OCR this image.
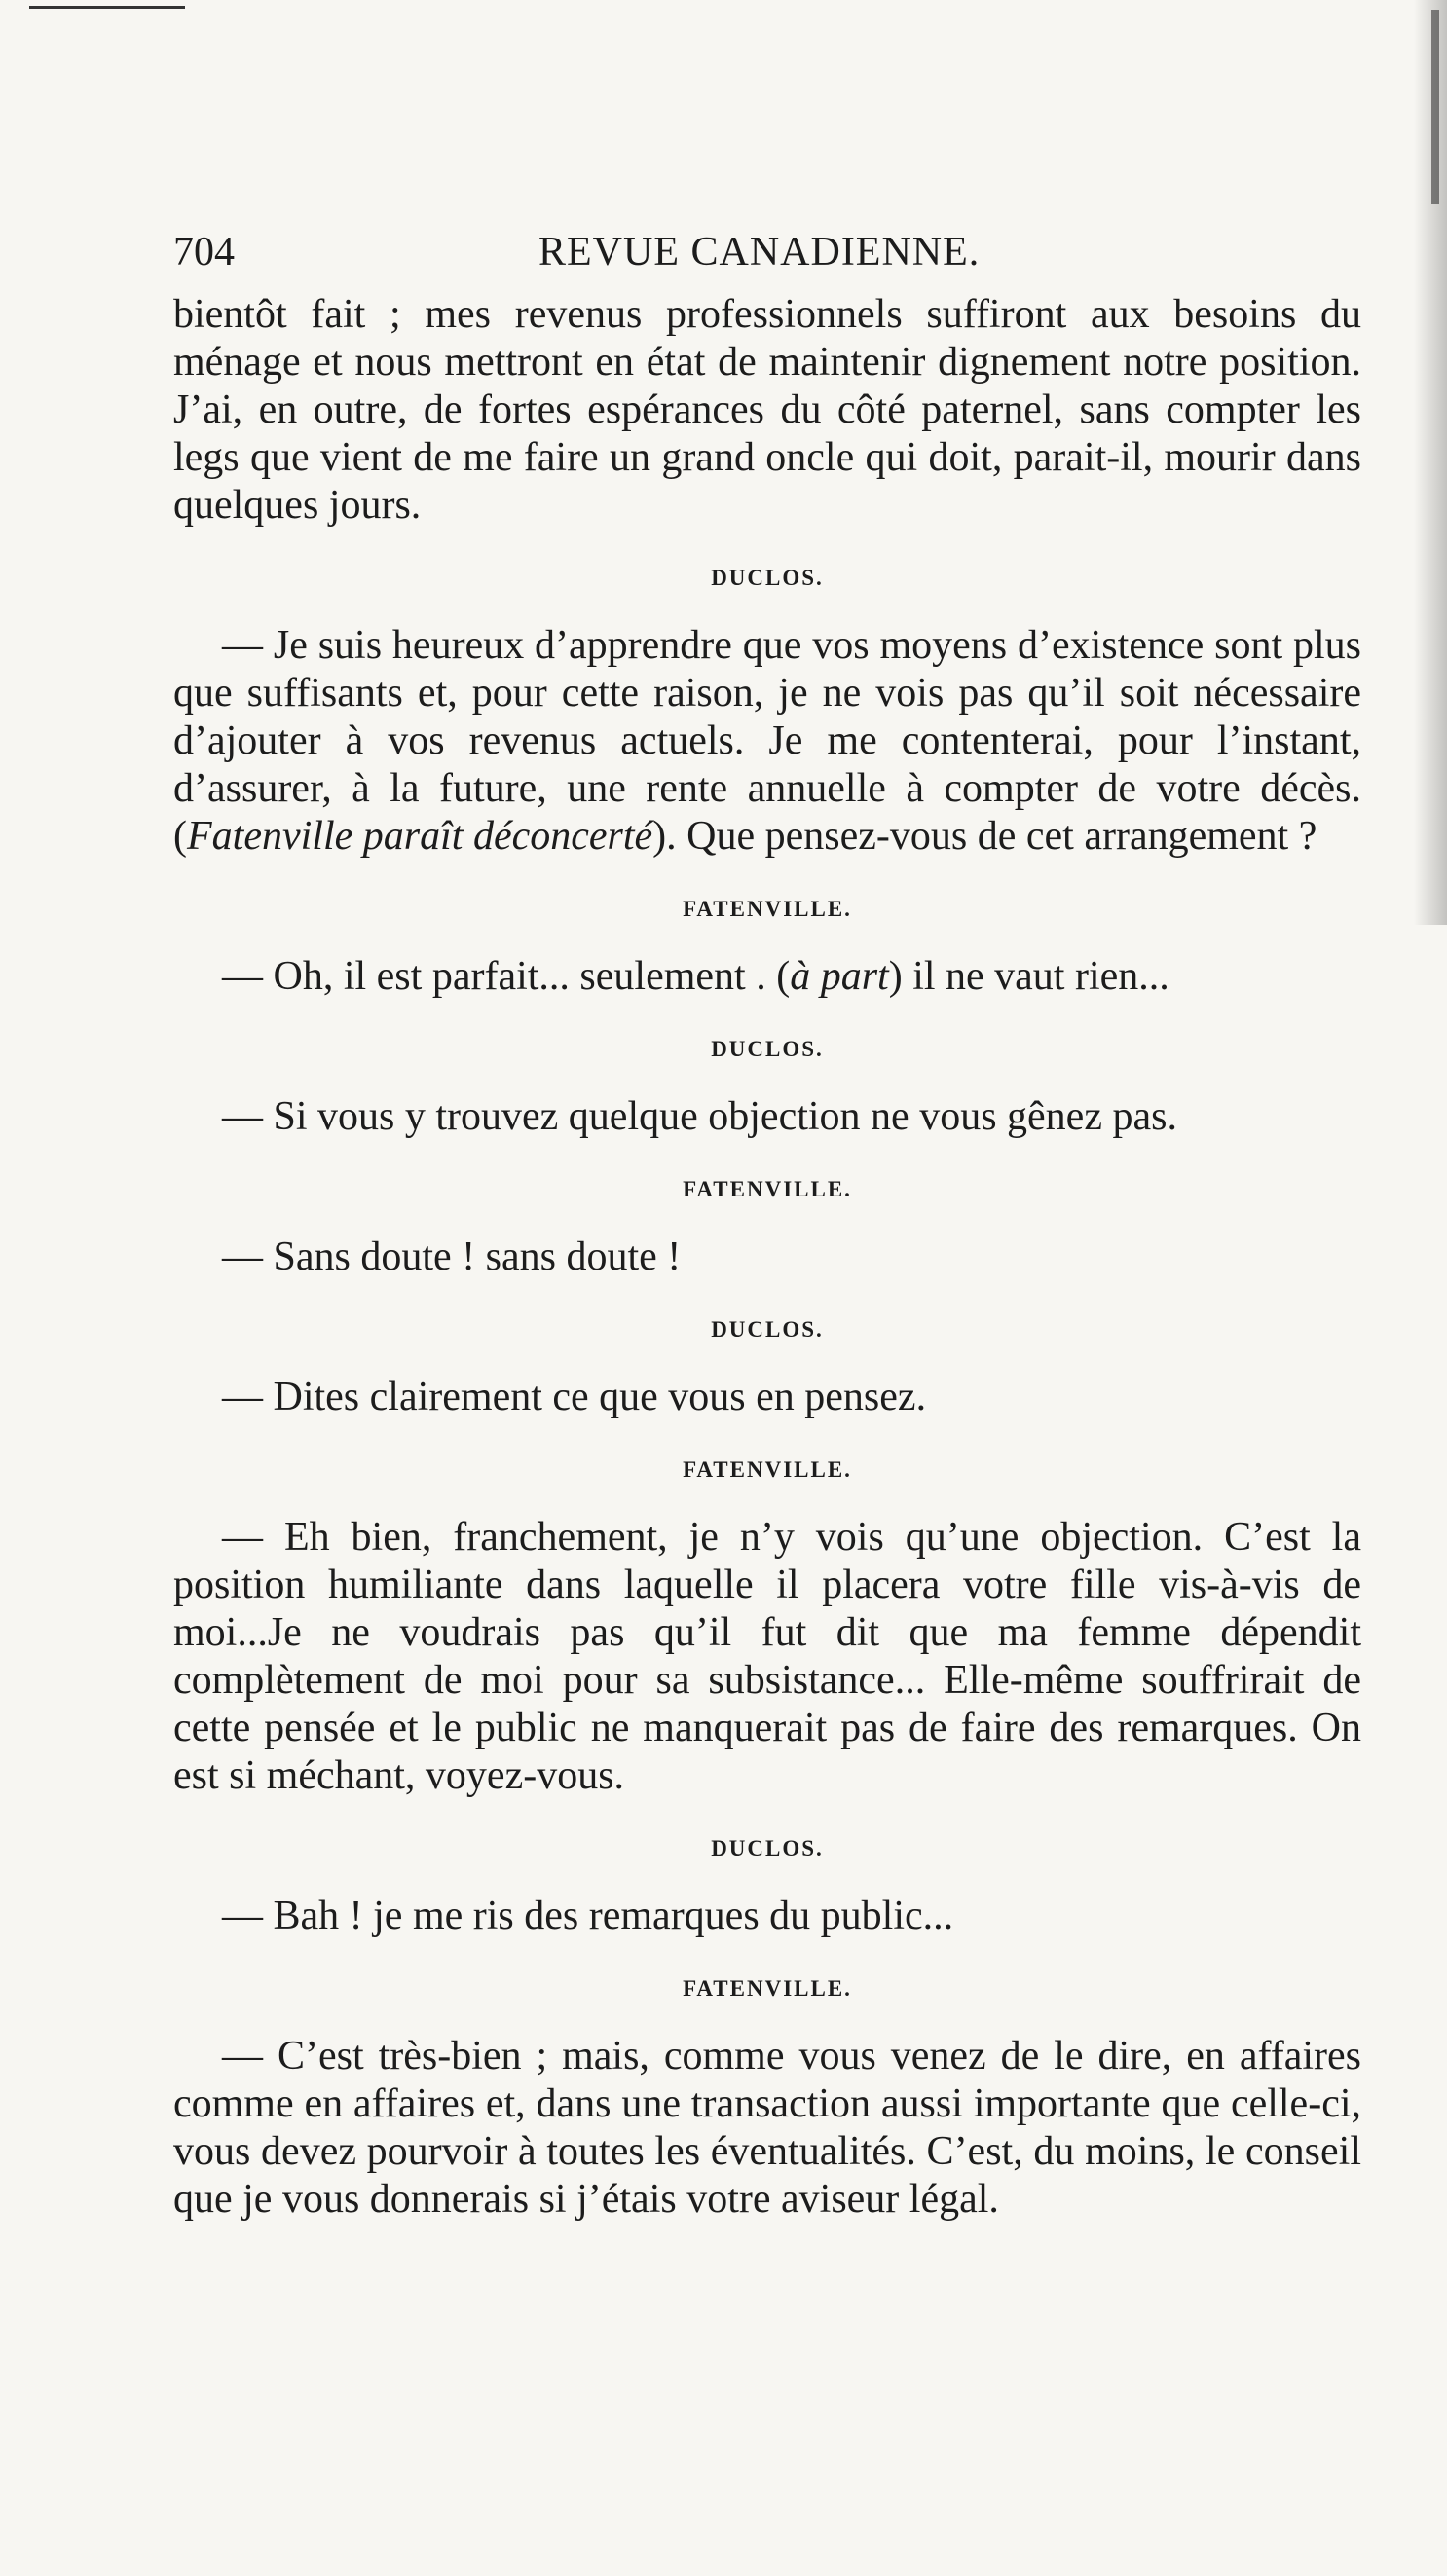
704	REVUE CANADIENNE.

bientôt fait ; mes revenus professionnels suffiront aux besoins du ménage et nous mettront en état de maintenir dignement notre position. J’ai, en outre, de fortes espérances du côté paternel, sans compter les legs que vient de me faire un grand oncle qui doit, parait-il, mourir dans quelques jours.

DUCLOS.

— Je suis heureux d’apprendre que vos moyens d’existence sont plus que suffisants et, pour cette raison, je ne vois pas qu’il soit nécessaire d’ajouter à vos revenus actuels. Je me contenterai, pour l’instant, d’assurer, à la future, une rente annuelle à compter de votre décès. (Fatenville paraît déconcerté). Que pensez-vous de cet arrangement ?

FATENVILLE.

— Oh, il est parfait... seulement . (à part) il ne vaut rien...

DUCLOS.

— Si vous y trouvez quelque objection ne vous gênez pas.

FATENVILLE.

— Sans doute ! sans doute !

DUCLOS.

— Dites clairement ce que vous en pensez.

FATENVILLE.

— Eh bien, franchement, je n’y vois qu’une objection. C’est la position humiliante dans laquelle il placera votre fille vis-à-vis de moi...Je ne voudrais pas qu’il fut dit que ma femme dépendit complètement de moi pour sa subsistance... Elle-même souffrirait de cette pensée et le public ne manquerait pas de faire des remarques. On est si méchant, voyez-vous.

DUCLOS.

— Bah ! je me ris des remarques du public...

FATENVILLE.

— C’est très-bien ; mais, comme vous venez de le dire, en affaires comme en affaires et, dans une transaction aussi importante que celle-ci, vous devez pourvoir à toutes les éventualités. C’est, du moins, le conseil que je vous donnerais si j’étais votre aviseur légal.
